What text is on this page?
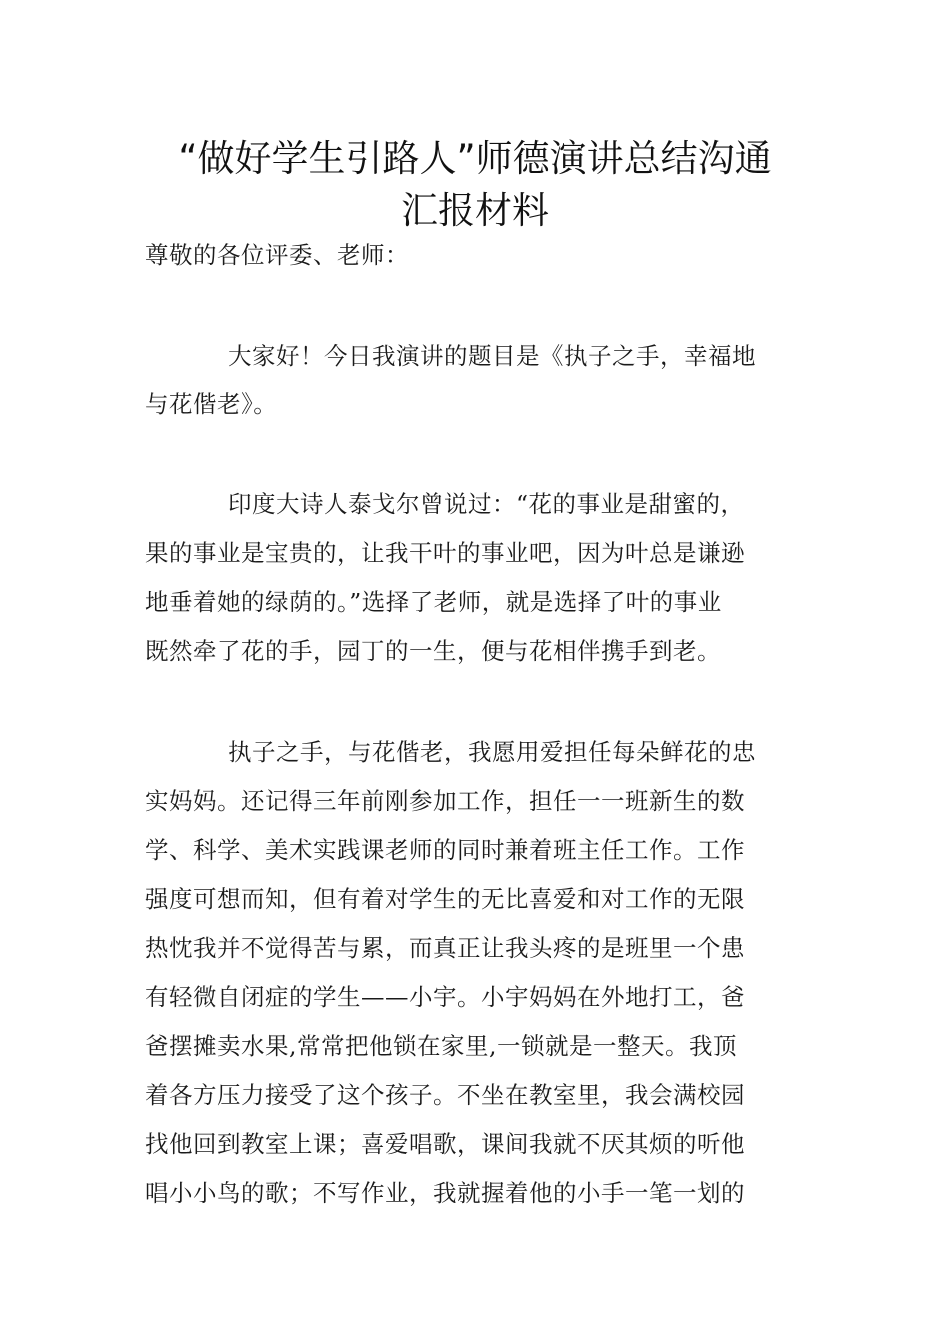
“做好学生引路人”师德演讲总结沟通
汇报材料
尊敬的各位评委、老师：
大家好！今日我演讲的题目是《执子之手，幸福地
与花偕老》。
印度大诗人泰戈尔曾说过：“花的事业是甜蜜的，
果的事业是宝贵的，让我干叶的事业吧，因为叶总是谦逊
地垂着她的绿荫的。”选择了老师，就是选择了叶的事业
既然牵了花的手，园丁的一生，便与花相伴携手到老。
执子之手，与花偕老，我愿用爱担任每朵鲜花的忠
实妈妈。还记得三年前刚参加工作，担任一一班新生的数
学、科学、美术实践课老师的同时兼着班主任工作。工作
强度可想而知，但有着对学生的无比喜爱和对工作的无限
热忱我并不觉得苦与累，而真正让我头疼的是班里一个患
有轻微自闭症的学生——小宇。小宇妈妈在外地打工，爸
爸摆摊卖水果,常常把他锁在家里,一锁就是一整天。我顶
着各方压力接受了这个孩子。不坐在教室里，我会满校园
找他回到教室上课；喜爱唱歌，课间我就不厌其烦的听他
唱小小鸟的歌；不写作业，我就握着他的小手一笔一划的
